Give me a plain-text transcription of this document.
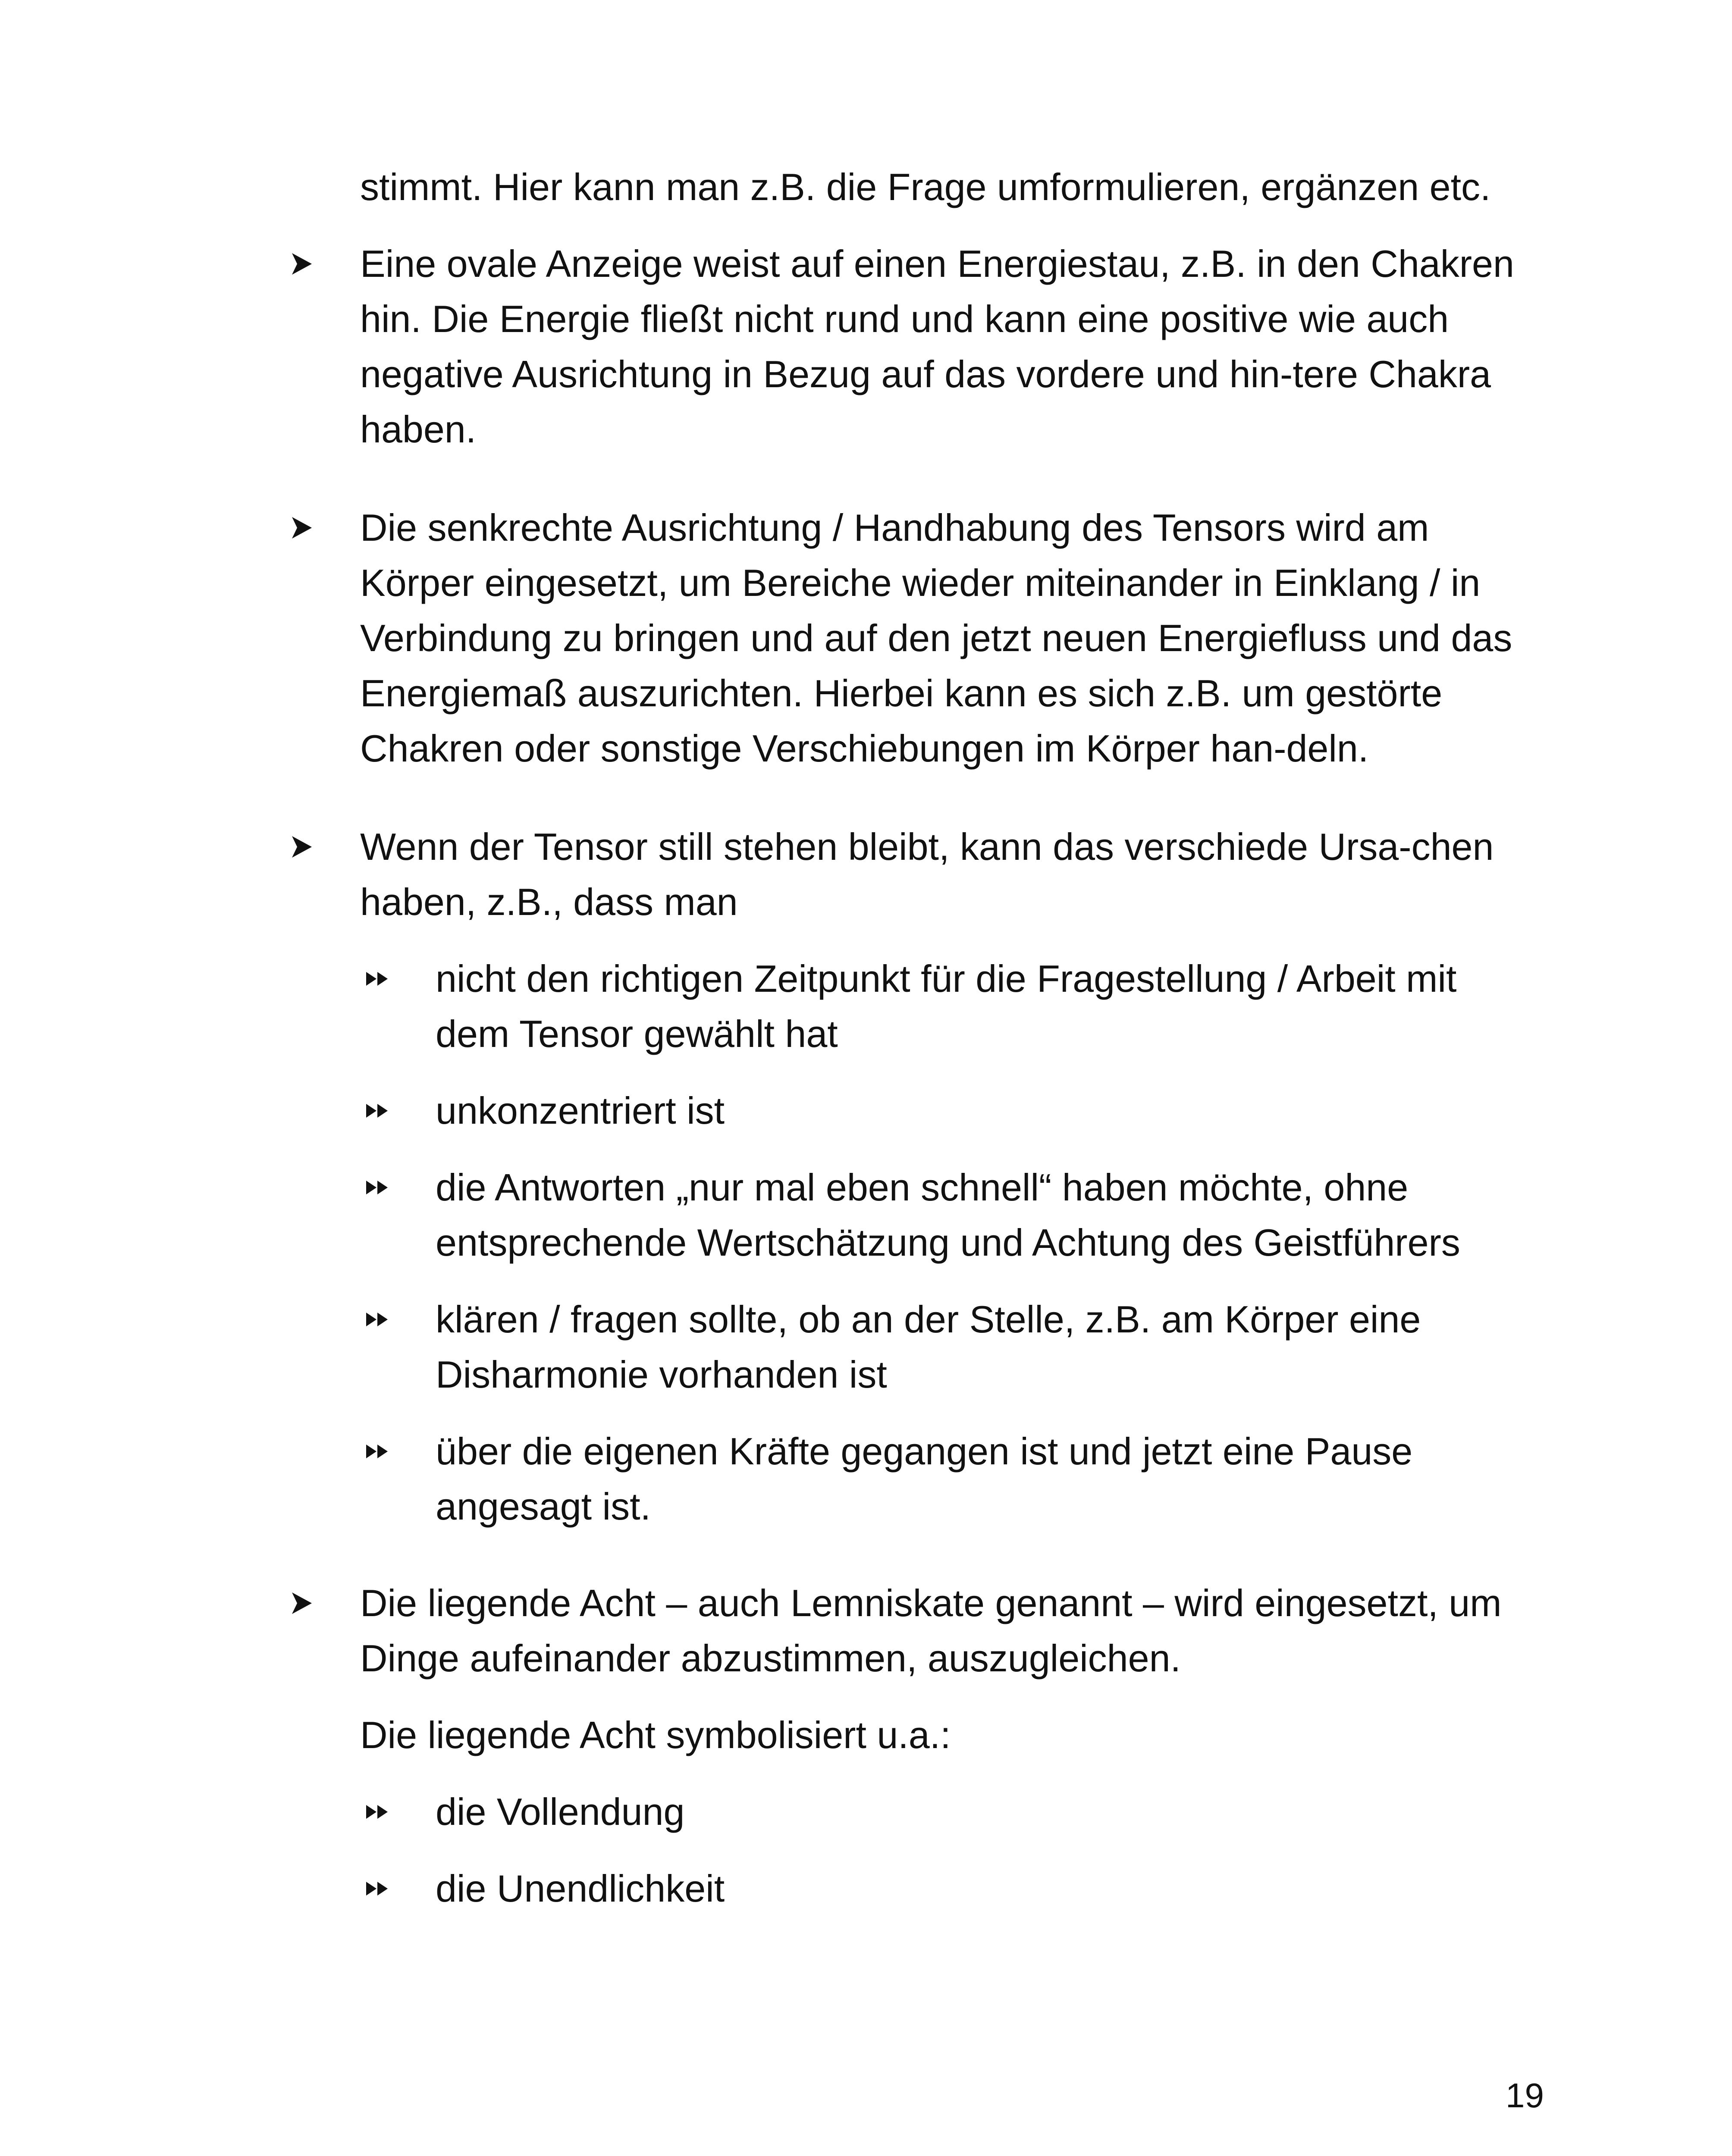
stimmt. Hier kann man z.B. die Frage umformulieren, ergänzen etc.

Eine ovale Anzeige weist auf einen Energiestau, z.B. in den Chakren hin. Die Energie fließt nicht rund und kann eine positive wie auch negative Ausrichtung in Bezug auf das vordere und hin-tere Chakra haben.

Die senkrechte Ausrichtung / Handhabung des Tensors wird am Körper eingesetzt, um Bereiche wieder miteinander in Einklang / in Verbindung zu bringen und auf den jetzt neuen Energiefluss und das Energiemaß auszurichten. Hierbei kann es sich z.B. um gestörte Chakren oder sonstige Verschiebungen im Körper han-deln.

Wenn der Tensor still stehen bleibt, kann das verschiede Ursa-chen haben, z.B., dass man

nicht den richtigen Zeitpunkt für die Fragestellung / Arbeit mit dem Tensor gewählt hat

unkonzentriert ist

die Antworten „nur mal eben schnell“ haben möchte, ohne entsprechende Wertschätzung und Achtung des Geistführers

klären / fragen sollte, ob an der Stelle, z.B. am Körper eine Disharmonie vorhanden ist

über die eigenen Kräfte gegangen ist und jetzt eine Pause angesagt ist.

Die liegende Acht – auch Lemniskate genannt – wird eingesetzt, um Dinge aufeinander abzustimmen, auszugleichen.

Die liegende Acht symbolisiert u.a.:

die Vollendung

die Unendlichkeit

19
